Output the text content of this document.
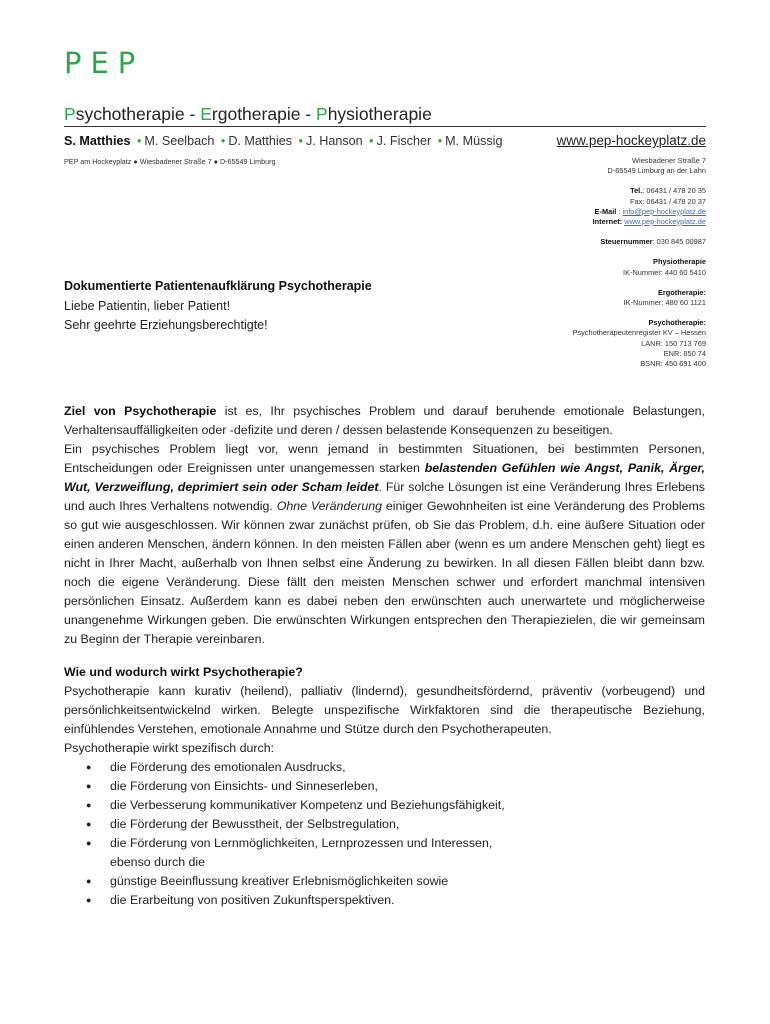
PEP
Psychotherapie - Ergotherapie - Physiotherapie
S. Matthies • M. Seelbach • D. Matthies • J. Hanson • J. Fischer • M. Müssig	www.pep-hockeyplatz.de
PEP am Hockeyplatz ● Wiesbadener Straße 7 ● D-65549 Limburg	Wiesbadener Straße 7
D-65549 Limburg an der Lahn
Tel.: 06431 / 478 20 35
Fax: 06431 / 478 20 37
E-Mail : info@pep-hockeyplatz.de
Internet: www.pep-hockeyplatz.de
Steuernummer: 030 845 00987
Physiotherapie
IK-Nummer: 440 60 5410
Ergotherapie:
IK-Nummer: 480 60 1121
Psychotherapie:
Psychotherapeutenregister KV – Hessen
LANR: 150 713 769
ENR: 850 74
BSNR: 450 691 400
Dokumentierte Patientenaufklärung Psychotherapie
Liebe Patientin, lieber Patient!
Sehr geehrte Erziehungsberechtigte!

Ziel von Psychotherapie ist es, Ihr psychisches Problem und darauf beruhende emotionale Belastungen, Verhaltensauffälligkeiten oder -defizite und deren / dessen belastende Konsequenzen zu beseitigen.

Ein psychisches Problem liegt vor, wenn jemand in bestimmten Situationen, bei bestimmten Personen, Entscheidungen oder Ereignissen unter unangemessen starken belastenden Gefühlen wie Angst, Panik, Ärger, Wut, Verzweiflung, deprimiert sein oder Scham leidet. Für solche Lösungen ist eine Veränderung Ihres Erlebens und auch Ihres Verhaltens notwendig. Ohne Veränderung einiger Gewohnheiten ist eine Veränderung des Problems so gut wie ausgeschlossen. Wir können zwar zunächst prüfen, ob Sie das Problem, d.h. eine äußere Situation oder einen anderen Menschen, ändern können. In den meisten Fällen aber (wenn es um andere Menschen geht) liegt es nicht in Ihrer Macht, außerhalb von Ihnen selbst eine Änderung zu bewirken. In all diesen Fällen bleibt dann bzw. noch die eigene Veränderung. Diese fällt den meisten Menschen schwer und erfordert manchmal intensiven persönlichen Einsatz. Außerdem kann es dabei neben den erwünschten auch unerwartete und möglicherweise unangenehme Wirkungen geben. Die erwünschten Wirkungen entsprechen den Therapiezielen, die wir gemeinsam zu Beginn der Therapie vereinbaren.

Wie und wodurch wirkt Psychotherapie?

Psychotherapie kann kurativ (heilend), palliativ (lindernd), gesundheitsfördernd, präventiv (vorbeugend) und persönlichkeitsentwickelnd wirken. Belegte unspezifische Wirkfaktoren sind die therapeutische Beziehung, einfühlendes Verstehen, emotionale Annahme und Stütze durch den Psychotherapeuten.

Psychotherapie wirkt spezifisch durch:

● die Förderung des emotionalen Ausdrucks,
● die Förderung von Einsichts- und Sinneserleben,
● die Verbesserung kommunikativer Kompetenz und Beziehungsfähigkeit,
● die Förderung der Bewusstheit, der Selbstregulation,
● die Förderung von Lernmöglichkeiten, Lernprozessen und Interessen,
ebenso durch die
● günstige Beeinflussung kreativer Erlebnismöglichkeiten sowie
● die Erarbeitung von positiven Zukunftsperspektiven.
